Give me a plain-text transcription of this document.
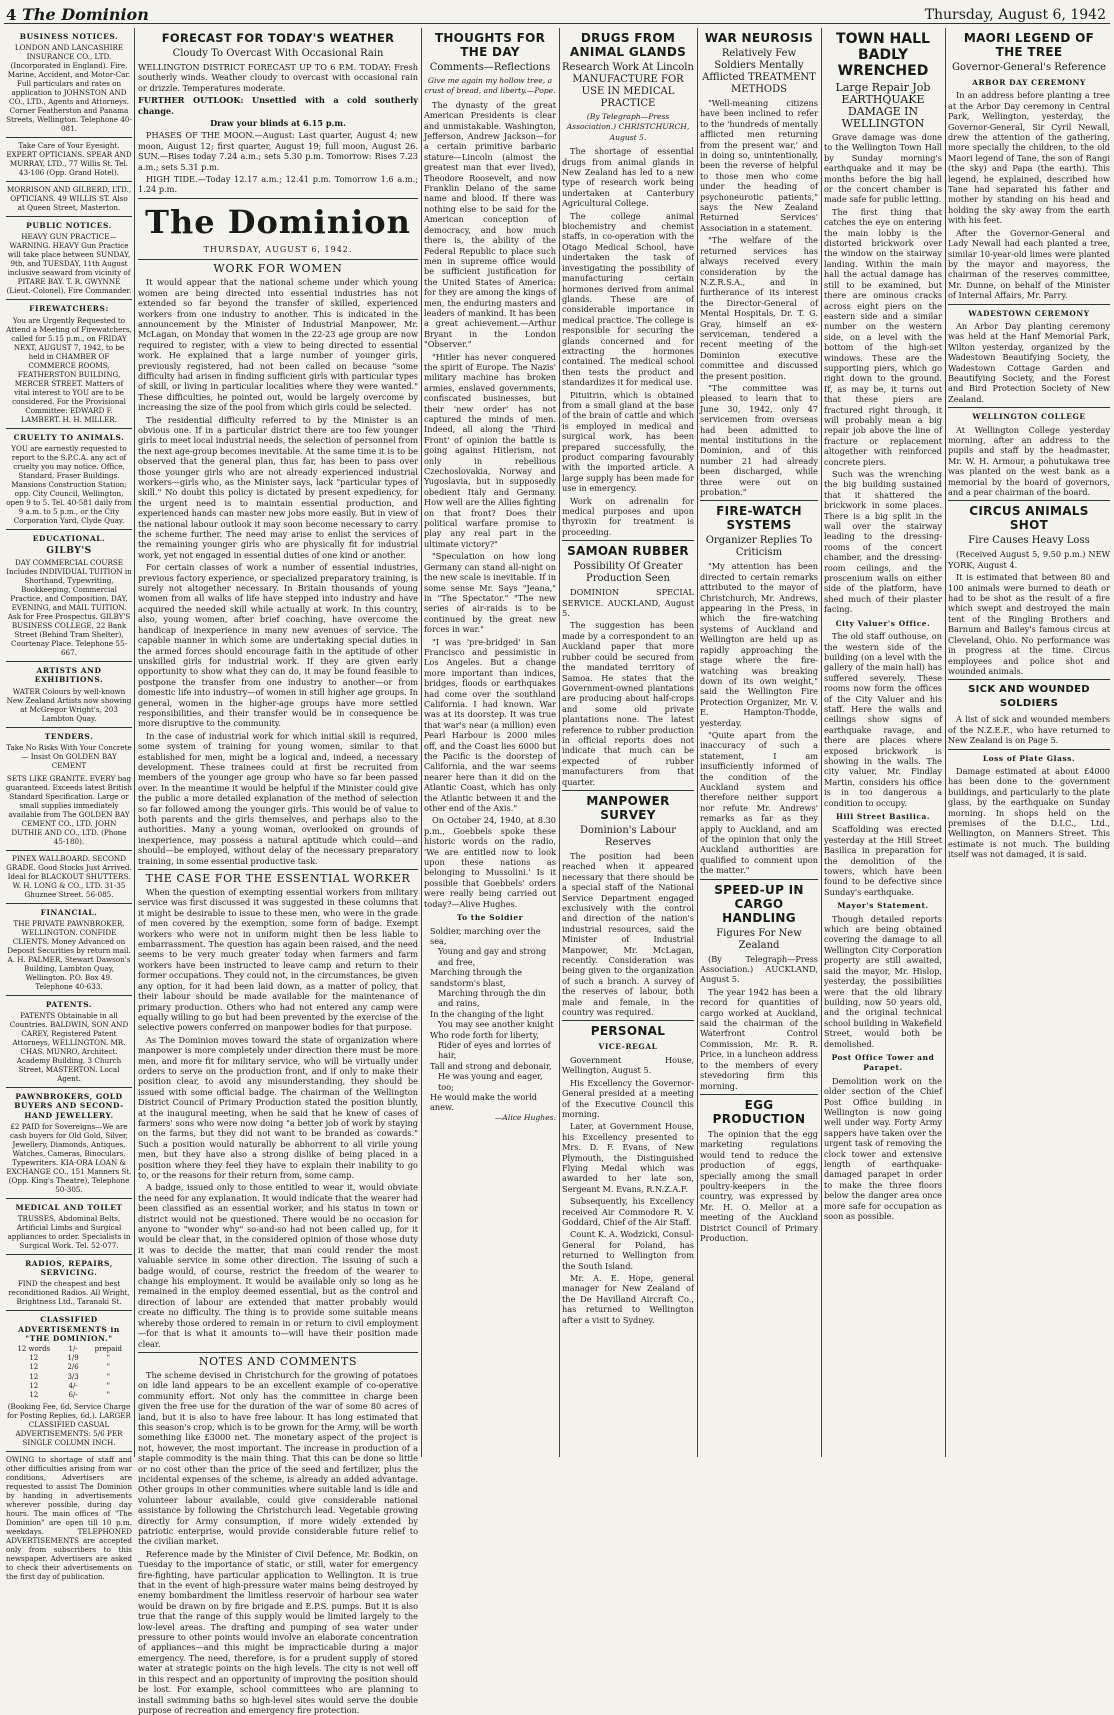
4 The Dominion	Thursday, August 6, 1942
BUSINESS NOTICES.
LONDON AND LANCASHIRE INSURANCE CO., LTD. (Incorporated in England). Fire, Marine, Accident, and Motor-Car. Full particulars and rates on application to JOHNSTON AND CO., LTD., Agents and Attorneys. Corner Featherston and Panama Streets, Wellington. Telephone 40-081.
Take Care of Your Eyesight. EXPERT OPTICIANS. SPEAR AND MURRAY, LTD., 77 Willis St. Tel. 43-106 (Opp. Grand Hotel).
MORRISON AND GILBERD, LTD., OPTICIANS. 49 WILLIS ST. Also at Queen Street, Masterton.
PUBLIC NOTICES.
HEAVY GUN PRACTICE—WARNING. HEAVY Gun Practice will take place between SUNDAY, 9th, and TUESDAY, 11th August inclusive seaward from vicinity of PITARE BAY. T. R. GWYNNE (Lieut.-Colonel), Fire Commander.
FIREWATCHERS:
You are Urgently Requested to Attend a Meeting of Firewatchers, called for 5.15 p.m., on FRIDAY NEXT, AUGUST 7, 1942, to be held in CHAMBER OF COMMERCE ROOMS, FEATHERSTON BUILDING, MERCER STREET. Matters of vital interest to YOU are to be considered. For the Provisional Committee: EDWARD F. LAMBERT. H. H. MILLER.
CRUELTY TO ANIMALS.
YOU are earnestly requested to report to the S.P.C.A. any act of cruelty you may notice. Office, Standard, Fraser Buildings. Mansions Construction Station; opp. City Council, Wellington, open 9 to 5. Tel. 40-581 daily from 9 a.m. to 5 p.m., or the City Corporation Yard, Clyde Quay.
EDUCATIONAL.
GILBY'S
DAY COMMERCIAL COURSE Includes INDIVIDUAL TUITION in Shorthand, Typewriting, Bookkeeping, Commercial Practice, and Composition. DAY, EVENING, and MAIL TUITION. Ask for Free Prospectus. GILBY'S BUSINESS COLLEGE, 22 Bank Street (Behind Tram Shelter), Courtenay Place. Telephone 55-667.
ARTISTS AND EXHIBITIONS.
WATER Colours by well-known New Zealand Artists now showing at McGregor Wright's, 203 Lambton Quay.
TENDERS.
Take No Risks With Your Concrete— Insist On GOLDEN BAY CEMENT
SETS LIKE GRANITE. EVERY bag guaranteed. Exceeds latest British Standard Specification. Large or small supplies immediately available from The GOLDEN BAY CEMENT CO., LTD. JOHN DUTHIE AND CO., LTD. (Phone 45-180).
PINEX WALLBOARD. SECOND GRADE. Good Stocks Just Arrived. Ideal for BLACKOUT SHUTTERS. W. H. LONG & CO., LTD. 31-35 Ghuznee Street. 56-085.
FINANCIAL.
THE PRIVATE PAWNBROKER, WELLINGTON. CONFIDE CLIENTS. Money Advanced on Deposit Securities by return mail. A. H. PALMER, Stewart Dawson's Building, Lambton Quay, Wellington. P.O. Box 49. Telephone 40-633.
PATENTS.
PATENTS Obtainable in all Countries. BALDWIN, SON AND CAREY, Registered Patent Attorneys, WELLINGTON. MR. CHAS. MUNRO, Architect. Academy Building, 3 Church Street, MASTERTON. Local Agent.
PAWNBROKERS, GOLD BUYERS AND SECOND-HAND JEWELLERY.
£2 PAID for Sovereigns—We are cash buyers for Old Gold, Silver, Jewellery, Diamonds, Antiques, Watches, Cameras, Binoculars, Typewriters. KIA-ORA LOAN & EXCHANGE CO., 151 Manners St. (Opp. King's Theatre), Telephone 50-305.
MEDICAL AND TOILET
TRUSSES, Abdominal Belts, Artificial Limbs and Surgical appliances to order. Specialists in Surgical Work. Tel. 52-077.
RADIOS, REPAIRS, SERVICING.
FIND the cheapest and best reconditioned Radios. All Wright, Brightness Ltd., Taranaki St.
CLASSIFIED ADVERTISEMENTS in "THE DOMINION."
12 words	1/-	prepaid
12	1/9	"
12	2/6	"
12	3/3	"
12	4/-	"
12	6/-	"
(Booking Fee, 6d, Service Charge for Posting Replies, 6d.). LARGER CLASSIFIED CASUAL ADVERTISEMENTS: 5/6 PER SINGLE COLUMN INCH.
OWING to shortage of staff and other difficulties arising from war conditions, Advertisers are requested to assist The Dominion by handing in advertisements wherever possible, during day hours. The main offices of "The Dominion" are open till 10 p.m. weekdays. TELEPHONED ADVERTISEMENTS are accepted only from subscribers to this newspaper. Advertisers are asked to check their advertisements on the first day of publication.
FORECAST FOR TODAY'S WEATHER
Cloudy To Overcast With Occasional Rain

WELLINGTON DISTRICT FORECAST UP TO 6 P.M. TODAY: Fresh southerly winds. Weather cloudy to overcast with occasional rain or drizzle. Temperatures moderate.

FURTHER OUTLOOK: Unsettled with a cold southerly change.

Draw your blinds at 6.15 p.m.

PHASES OF THE MOON.—August: Last quarter, August 4; new moon, August 12; first quarter, August 19; full moon, August 26. SUN.—Rises today 7.24 a.m.; sets 5.30 p.m. Tomorrow: Rises 7.23 a.m.; sets 5.31 p.m.

HIGH TIDE.—Today 12.17 a.m.; 12.41 p.m. Tomorrow 1.6 a.m.; 1.24 p.m.

The Dominion
THURSDAY, AUGUST 6, 1942.
WORK FOR WOMEN

It would appear that the national scheme under which young women are being directed into essential industries has not extended so far beyond the transfer of skilled, experienced workers from one industry to another. This is indicated in the announcement by the Minister of Industrial Manpower, Mr. McLagan, on Monday that women in the 22-23 age group are now required to register, with a view to being directed to essential work. He explained that a large number of younger girls, previously registered, had not been called on because "some difficulty had arisen in finding sufficient girls with particular types of skill, or living in particular localities where they were wanted." These difficulties, he pointed out, would be largely overcome by increasing the size of the pool from which girls could be selected.

The residential difficulty referred to by the Minister is an obvious one. If in a particular district there are too few younger girls to meet local industrial needs, the selection of personnel from the next age-group becomes inevitable. At the same time it is to be observed that the general plan, thus far, has been to pass over those younger girls who are not already experienced industrial workers—girls who, as the Minister says, lack "particular types of skill." No doubt this policy is dictated by present expediency, for the urgent need is to maintain essential production, and experienced hands can master new jobs more easily. But in view of the national labour outlook it may soon become necessary to carry the scheme further. The need may arise to enlist the services of the remaining younger girls who are physically fit for industrial work, yet not engaged in essential duties of one kind or another.

For certain classes of work a number of essential industries, previous factory experience, or specialized preparatory training, is surely not altogether necessary. In Britain thousands of young women from all walks of life have stepped into industry and have acquired the needed skill while actually at work. In this country, also, young women, after brief coaching, have overcome the handicap of inexperience in many new avenues of service. The capable manner in which some are undertaking special duties in the armed forces should encourage faith in the aptitude of other unskilled girls for industrial work. If they are given early opportunity to show what they can do, it may be found feasible to postpone the transfer from one industry to another—or from domestic life into industry—of women in still higher age groups. In general, women in the higher-age groups have more settled responsibilities, and their transfer would be in consequence be more disruptive to the community.

In the case of industrial work for which initial skill is required, some system of training for young women, similar to that established for men, might be a logical and, indeed, a necessary development. These trainees could at first be recruited from members of the younger age group who have so far been passed over. In the meantime it would be helpful if the Minister could give the public a more detailed explanation of the method of selection so far followed among the younger girls. This would be of value to both parents and the girls themselves, and perhaps also to the authorities. Many a young woman, overlooked on grounds of inexperience, may possess a natural aptitude which could—and should—be employed, without delay of the necessary preparatory training, in some essential productive task.

THE CASE FOR THE ESSENTIAL WORKER

When the question of exempting essential workers from military service was first discussed it was suggested in these columns that it might be desirable to issue to these men, who were in the grade of men covered by the exemption, some form of badge. Exempt workers who were not in uniform might then be less liable to embarrassment. The question has again been raised, and the need seems to be very much greater today when farmers and farm workers have been instructed to leave camp and return to their former occupations. They could not, in the circumstances, be given any option, for it had been laid down, as a matter of policy, that their labour should be made available for the maintenance of primary production. Others who had not entered any camp were equally willing to go but had been prevented by the exercise of the selective powers conferred on manpower bodies for that purpose.

As The Dominion moves toward the state of organization where manpower is more completely under direction there must be more men, and more fit for military service, who will be virtually under orders to serve on the production front, and if only to make their position clear, to avoid any misunderstanding, they should be issued with some official badge. The chairman of the Wellington District Council of Primary Production stated the position bluntly, at the inaugural meeting, when he said that he knew of cases of farmers' sons who were now doing "a better job of work by staying on the farms, but they did not want to be branded as cowards." Such a position would naturally be abhorrent to all virile young men, but they have also a strong dislike of being placed in a position where they feel they have to explain their inability to go to, or the reasons for their return from, some camp.

A badge, issued only to those entitled to wear it, would obviate the need for any explanation. It would indicate that the wearer had been classified as an essential worker, and his status in town or district would not be questioned. There would be no occasion for anyone to "wonder why" so-and-so had not been called up, for it would be clear that, in the considered opinion of those whose duty it was to decide the matter, that man could render the most valuable service in some other direction. The issuing of such a badge would, of course, restrict the freedom of the wearer to change his employment. It would be available only so long as he remained in the employ deemed essential, but as the control and direction of labour are extended that matter probably would create no difficulty. The thing is to provide some suitable means whereby those ordered to remain in or return to civil employment—for that is what it amounts to—will have their position made clear.

NOTES AND COMMENTS

The scheme devised in Christchurch for the growing of potatoes on idle land appears to be an excellent example of co-operative community effort. Not only has the committee in charge been given the free use for the duration of the war of some 80 acres of land, but it is also to have free labour. It has long estimated that this season's crop, which is to be grown for the Army, will be worth something like £3000 net. The monetary aspect of the project is not, however, the most important. The increase in production of a staple commodity is the main thing. That this can be done so little or no cost other than the price of the seed and fertilizer, plus the incidental expenses of the scheme, is already an added advantage. Other groups in other communities where suitable land is idle and volunteer labour available, could give considerable national assistance by following the Christchurch lead. Vegetable growing directly for Army consumption, if more widely extended by patriotic enterprise, would provide considerable future relief to the civilian market.

Reference made by the Minister of Civil Defence, Mr. Bodkin, on Tuesday to the importance of static, or still, water for emergency fire-fighting, have particular application to Wellington. It is true that in the event of high-pressure water mains being destroyed by enemy bombardment the limitless reservoir of harbour sea water would be drawn on by fire brigade and E.P.S. pumps. But it is also true that the range of this supply would be limited largely to the low-level areas. The drafting and pumping of sea water under pressure to other points would involve an elaborate concentration of appliances—and this might be impracticable during a major emergency. The need, therefore, is for a prudent supply of stored water at strategic points on the high levels. The city is not well off in this respect and an opportunity of improving the position should be lost. For example, school committees who are planning to install swimming baths so high-level sites would serve the double purpose of recreation and emergency fire protection.

THOUGHTS FOR THE DAY
Comments—Reflections
Give me again my hollow tree, a crust of bread, and liberty.—Pope.

The dynasty of the great American Presidents is clear and unmistakable. Washington, Jefferson, Andrew Jackson—for a certain primitive barbaric stature—Lincoln (almost the greatest man that ever lived), Theodore Roosevelt, and now Franklin Delano of the same name and blood. If there was nothing else to be said for the American conception of democracy, and how much there is, the ability of the Federal Republic to place such men in supreme office would be sufficient justification for the United States of America: for they are among the kings of men, the enduring masters and leaders of mankind. It has been a great achievement.—Arthur Bryant in the London "Observer."

"Hitler has never conquered the spirit of Europe. The Nazis' military machine has broken armies, enslaved governments, confiscated businesses, but their 'new order' has not captured the minds of men. Indeed, all along the 'Third Front' of opinion the battle is going against Hitlerism, not only in rebellious Czechoslovakia, Norway and Yugoslavia, but in supposedly obedient Italy and Germany. How well are the Allies fighting on that front? Does their political warfare promise to play any real part in the ultimate victory?"

"Speculation on how long Germany can stand all-night on the new scale is inevitable. If in some sense Mr. Says "Jeana," in "The Spectator." "The new series of air-raids is to be continued by the great new forces in war."

"I was 'pre-bridged' in San Francisco and pessimistic in Los Angeles. But a change more important than indices, bridges, floods or earthquakes had come over the southland California. I had known. War was at its doorstep. It was true that war's near (a million) even Pearl Harbour is 2000 miles off, and the Coast lies 6000 but the Pacific is the doorstep of California, and the war seems nearer here than it did on the Atlantic Coast, which has only the Atlantic between it and the other end of the Axis."

On October 24, 1940, at 8.30 p.m., Goebbels spoke these historic words on the radio, 'We are entitled now to look upon these nations as belonging to Mussolini.' Is it possible that Goebbels' orders were really being carried out today?—Alive Hughes.

To the Soldier
Soldier, marching over the sea,
Young and gay and strong and free,
Marching through the sandstorm's blast,
Marching through the din and rains,
In the changing of the light
You may see another knight
Who rode forth for liberty,
Rider of eyes and lorries of hair,
Tall and strong and debonair,
He was young and eager, too;
He would make the world anew.
—Alice Hughes.
DRUGS FROM ANIMAL GLANDS
Research Work At Lincoln MANUFACTURE FOR USE IN MEDICAL PRACTICE
(By Telegraph—Press Association.) CHRISTCHURCH, August 5.

The shortage of essential drugs from animal glands in New Zealand has led to a new type of research work being undertaken at Canterbury Agricultural College.

The college animal biochemistry and chemist staffs, in co-operation with the Otago Medical School, have undertaken the task of investigating the possibility of manufacturing certain hormones derived from animal glands. These are of considerable importance in medical practice. The college is responsible for securing the glands concerned and for extracting the hormones contained. The medical school then tests the product and standardizes it for medical use.

Pituitrin, which is obtained from a small gland at the base of the brain of cattle and which is employed in medical and surgical work, has been prepared successfully, the product comparing favourably with the imported article. A large supply has been made for use in emergency.

Work on adrenalin for medical purposes and upon thyroxin for treatment is proceeding.

SAMOAN RUBBER
Possibility Of Greater Production Seen

DOMINION SPECIAL SERVICE. AUCKLAND, August 5.

The suggestion has been made by a correspondent to an Auckland paper that more rubber could be secured from the mandated territory of Samoa. He states that the Government-owned plantations are producing about half-crops and some old private plantations none. The latest reference to rubber production in official reports does not indicate that much can be expected of rubber manufacturers from that quarter.

MANPOWER SURVEY
Dominion's Labour Reserves

The position had been reached when it appeared necessary that there should be a special staff of the National Service Department engaged exclusively with the control and direction of the nation's industrial resources, said the Minister of Industrial Manpower, Mr. McLagan, recently. Consideration was being given to the organization of such a branch. A survey of the reserves of labour, both male and female, in the country was required.

PERSONAL
VICE-REGAL

Government House, Wellington, August 5.

His Excellency the Governor-General presided at a meeting of the Executive Council this morning.

Later, at Government House, his Excellency presented to Mrs. D. F. Evans, of New Plymouth, the Distinguished Flying Medal which was awarded to her late son, Sergeant M. Evans, R.N.Z.A.F.

Subsequently, his Excellency received Air Commodore R. V. Goddard, Chief of the Air Staff.

Count K. A. Wodzicki, Consul-General for Poland, has returned to Wellington from the South Island.

Mr. A. E. Hope, general manager for New Zealand of the De Havilland Aircraft Co., has returned to Wellington after a visit to Sydney.

WAR NEUROSIS
Relatively Few Soldiers Mentally Afflicted TREATMENT METHODS

"Well-meaning citizens have been inclined to refer to the 'hundreds of mentally afflicted men returning from the present war,' and in doing so, unintentionally, been the reverse of helpful to those men who come under the heading of psychoneurotic patients," says the New Zealand Returned Services' Association in a statement.

"The welfare of the returned services has always received every consideration by the N.Z.R.S.A., and in furtherance of its interest the Director-General of Mental Hospitals, Dr. T. G. Gray, himself an ex-serviceman, tendered a recent meeting of the Dominion executive committee and discussed the present position.

"The committee was pleased to learn that to June 30, 1942, only 47 servicemen from overseas had been admitted to mental institutions in the Dominion, and of this number 21 had already been discharged, while three were out on probation."

FIRE-WATCH SYSTEMS
Organizer Replies To Criticism

"My attention has been directed to certain remarks attributed to the mayor of Christchurch, Mr. Andrews, appearing in the Press, in which the fire-watching systems of Auckland and Wellington are held up as rapidly approaching the stage where the fire-watching was breaking down of its own weight," said the Wellington Fire Protection Organizer, Mr. V. E. Hampton-Thodde, yesterday.

"Quite apart from the inaccuracy of such a statement, I am insufficiently informed of the condition of the Auckland system and therefore neither support nor refute Mr. Andrews' remarks as far as they apply to Auckland, and am of the opinion that only the Auckland authorities are qualified to comment upon the matter."

SPEED-UP IN CARGO HANDLING
Figures For New Zealand

(By Telegraph—Press Association.) AUCKLAND, August 5.

The year 1942 has been a record for quantities of cargo worked at Auckland, said the chairman of the Waterfront Control Commission, Mr. R. R. Price, in a luncheon address to the members of every stevedoring firm this morning.

EGG PRODUCTION

The opinion that the egg marketing regulations would tend to reduce the production of eggs, specially among the small poultry-keepers in the country, was expressed by Mr. H. O. Mellor at a meeting of the Auckland District Council of Primary Production.

TOWN HALL BADLY WRENCHED
Large Repair Job EARTHQUAKE DAMAGE IN WELLINGTON

Grave damage was done to the Wellington Town Hall by Sunday morning's earthquake and it may be months before the big hall or the concert chamber is made safe for public letting.

The first thing that catches the eye on entering the main lobby is the distorted brickwork over the window on the stairway landing. Within the main hall the actual damage has still to be examined, but there are ominous cracks across eight piers on the eastern side and a similar number on the western side, on a level with the bottom of the high-set windows. These are the supporting piers, which go right down to the ground. If, as may be, it turns out that these piers are fractured right through, it will probably mean a big repair job above the line of fracture or replacement altogether with reinforced concrete piers.

Such was the wrenching the big building sustained that it shattered the brickwork in some places. There is a big split in the wall over the stairway leading to the dressing-rooms of the concert chamber, and the dressing-room ceilings, and the proscenium walls on either side of the platform, have shed much of their plaster facing.

City Valuer's Office.

The old staff outhouse, on the western side of the building (on a level with the gallery of the main hall) has suffered severely. These rooms now form the offices of the City Valuer and his staff. Here the walls and ceilings show signs of earthquake ravage, and there are places where exposed brickwork is showing in the walls. The city valuer, Mr. Findlay Martin, considers his office is in too dangerous a condition to occupy.

Hill Street Basilica.

Scaffolding was erected yesterday at the Hill Street Basilica in preparation for the demolition of the towers, which have been found to be defective since Sunday's earthquake.

Mayor's Statement.

Though detailed reports which are being obtained covering the damage to all Wellington City Corporation property are still awaited, said the mayor, Mr. Hislop, yesterday, the possibilities were that the old library building, now 50 years old, and the original technical school building in Wakefield Street, would both be demolished.

Post Office Tower and Parapet.

Demolition work on the older section of the Chief Post Office building in Wellington is now going well under way. Forty Army sappers have taken over the urgent task of removing the clock tower and extensive length of earthquake-damaged parapet in order to make the three floors below the danger area once more safe for occupation as soon as possible.

MAORI LEGEND OF THE TREE
Governor-General's Reference
ARBOR DAY CEREMONY

In an address before planting a tree at the Arbor Day ceremony in Central Park, Wellington, yesterday, the Governor-General, Sir Cyril Newall, drew the attention of the gathering, more specially the children, to the old Maori legend of Tane, the son of Rangi (the sky) and Papa (the earth). This legend, he explained, described how Tane had separated his father and mother by standing on his head and holding the sky away from the earth with his feet.

After the Governor-General and Lady Newall had each planted a tree, similar 10-year-old limes were planted by the mayor and mayoress, the chairman of the reserves committee, Mr. Dunne, on behalf of the Minister of Internal Affairs, Mr. Parry.

WADESTOWN CEREMONY

An Arbor Day planting ceremony was held at the Hanf Memorial Park, Wilton yesterday, organized by the Wadestown Beautifying Society, the Wadestown Cottage Garden and Beautifying Society, and the Forest and Bird Protection Society of New Zealand.

WELLINGTON COLLEGE

At Wellington College yesterday morning, after an address to the pupils and staff by the headmaster, Mr. W. H. Armour, a pohutukawa tree was planted on the west bank as a memorial by the board of governors, and a pear chairman of the board.

CIRCUS ANIMALS SHOT
Fire Causes Heavy Loss

(Received August 5, 9.50 p.m.) NEW YORK, August 4.

It is estimated that between 80 and 100 animals were burned to death or had to be shot as the result of a fire which swept and destroyed the main tent of the Ringling Brothers and Barnum and Bailey's famous circus at Cleveland, Ohio. No performance was in progress at the time. Circus employees and police shot and wounded animals.

SICK AND WOUNDED SOLDIERS

A list of sick and wounded members of the N.Z.E.F., who have returned to New Zealand is on Page 5.

Loss of Plate Glass.

Damage estimated at about £4000 has been done to the government buildings, and particularly to the plate glass, by the earthquake on Sunday morning. In shops held on the premises of the D.I.C., Ltd., Wellington, on Manners Street. This estimate is not much. The building itself was not damaged, it is said.
